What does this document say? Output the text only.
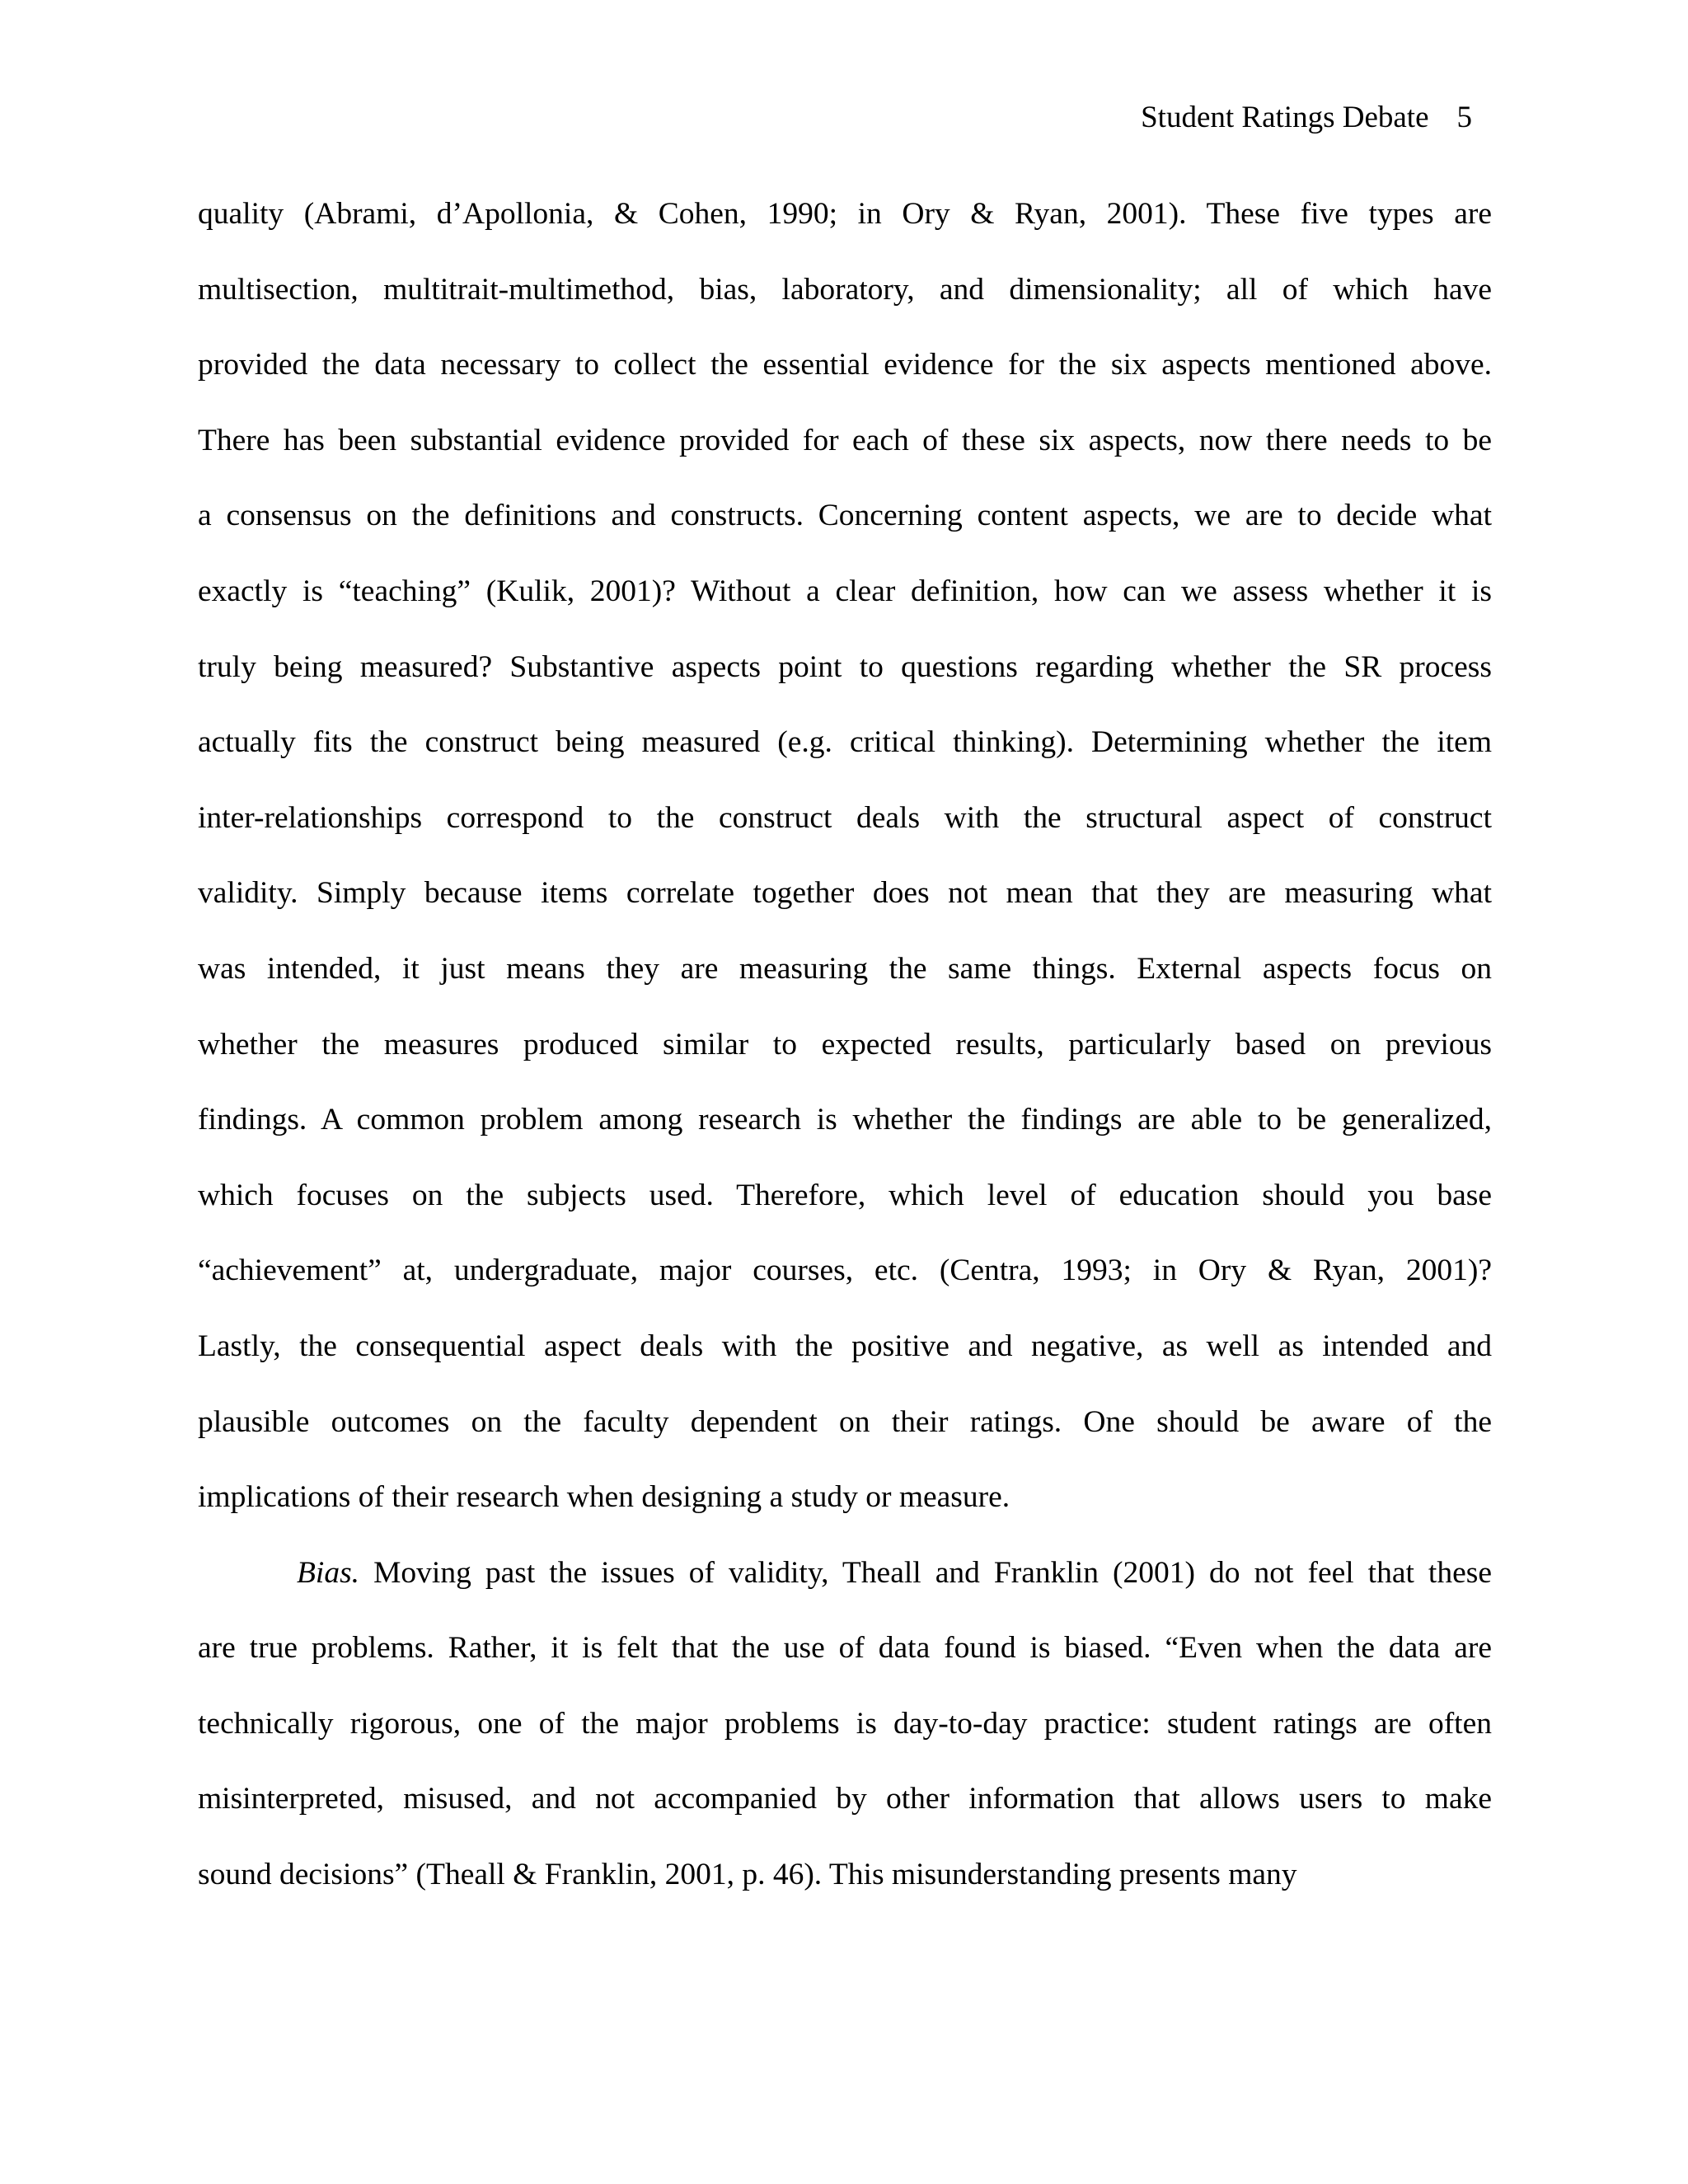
Student Ratings Debate 5
quality (Abrami, d’Apollonia, & Cohen, 1990; in Ory & Ryan, 2001). These five types are
multisection, multitrait-multimethod, bias, laboratory, and dimensionality; all of which have
provided the data necessary to collect the essential evidence for the six aspects mentioned above.
There has been substantial evidence provided for each of these six aspects, now there needs to be
a consensus on the definitions and constructs. Concerning content aspects, we are to decide what
exactly is “teaching” (Kulik, 2001)? Without a clear definition, how can we assess whether it is
truly being measured? Substantive aspects point to questions regarding whether the SR process
actually fits the construct being measured (e.g. critical thinking). Determining whether the item
inter-relationships correspond to the construct deals with the structural aspect of construct
validity. Simply because items correlate together does not mean that they are measuring what
was intended, it just means they are measuring the same things. External aspects focus on
whether the measures produced similar to expected results, particularly based on previous
findings. A common problem among research is whether the findings are able to be generalized,
which focuses on the subjects used. Therefore, which level of education should you base
“achievement” at, undergraduate, major courses, etc. (Centra, 1993; in Ory & Ryan, 2001)?
Lastly, the consequential aspect deals with the positive and negative, as well as intended and
plausible outcomes on the faculty dependent on their ratings. One should be aware of the
implications of their research when designing a study or measure.
Bias. Moving past the issues of validity, Theall and Franklin (2001) do not feel that these
are true problems. Rather, it is felt that the use of data found is biased. “Even when the data are
technically rigorous, one of the major problems is day-to-day practice: student ratings are often
misinterpreted, misused, and not accompanied by other information that allows users to make
sound decisions” (Theall & Franklin, 2001, p. 46). This misunderstanding presents many
